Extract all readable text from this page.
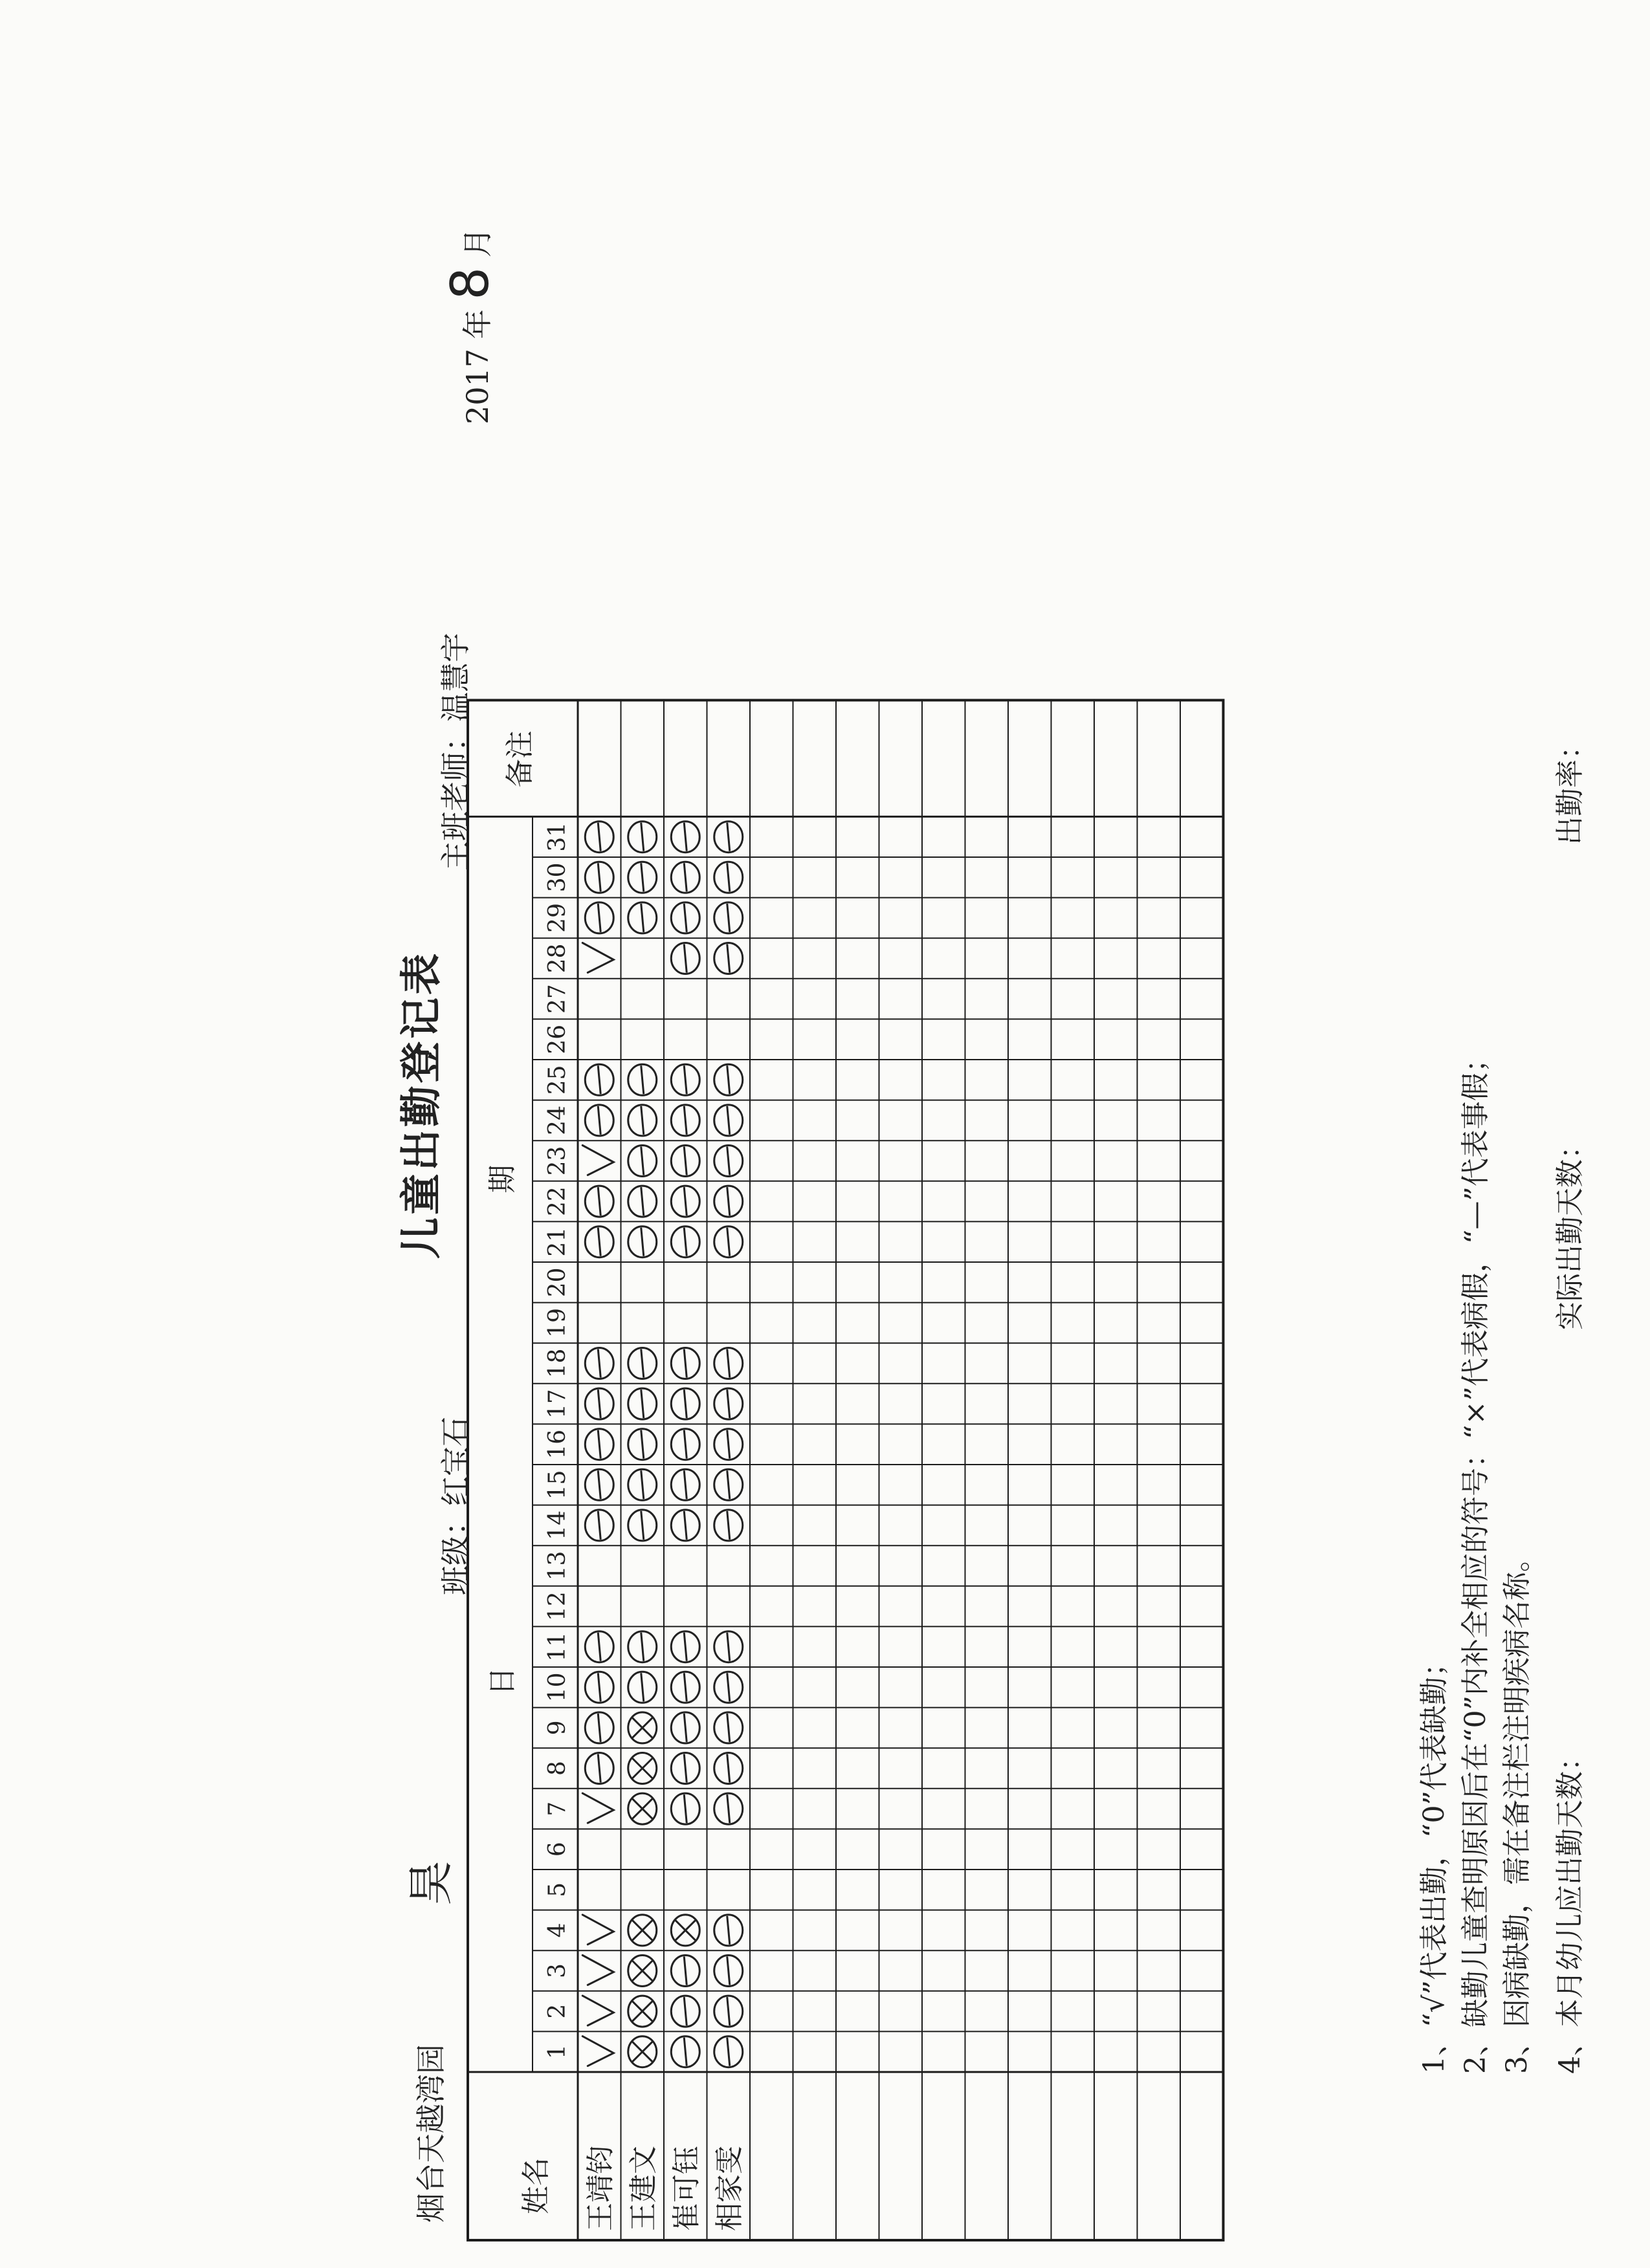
烟台天越湾园
昊
儿童出勤登记表
班级：红宝石
主班老师：温慧宇
2017 年 8 月
姓名
日
期
备注
1
2
3
4
5
6
7
8
9
10
11
12
13
14
15
16
17
18
19
20
21
22
23
24
25
26
27
28
29
30
31
王靖钧 王建文 崔可钰 相家雯
1、“√”代表出勤，“0”代表缺勤； 2、缺勤儿童查明原因后在“0”内补全相应的符号：“×”代表病假，“—”代表事假； 3、因病缺勤，需在备注栏注明疾病名称。 4、本月幼儿应出勤天数：
实际出勤天数：
出勤率：
